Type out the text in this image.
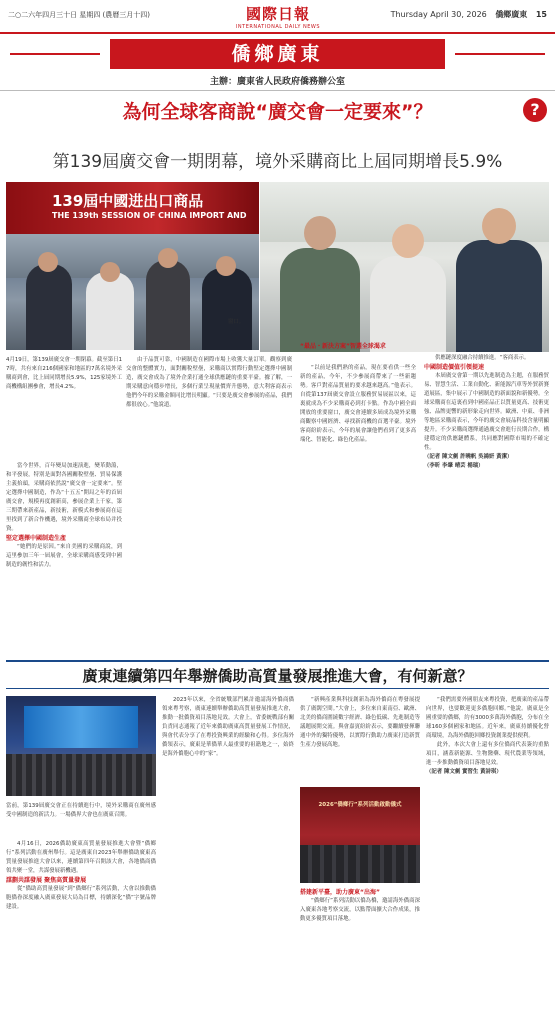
二○二六年四月三十日 星期四 (農曆三月十四)	國際日報
INTERNATIONAL DAILY NEWS
Thursday April 30, 2026 僑鄉廣東 15
僑鄉廣東
主辦：廣東省人民政府僑務辦公室
為何全球客商說“廣交會一定要來”？	?
第139屆廣交會一期閉幕，境外采購商比上屆同期增長5.9%
139屆中國进出口商品
THE 139th SESSION OF CHINA IMPORT AND
窗口。
4月19日，第139屆廣交會一期閉幕。截至第日17時，共有來自216個國家和地區的7萬名境外采購商到會，比上屆同期增長5.9%，125家境外工商機構組團參會，增長4.2%。

當今世界，百年變局加速演進，變革動蕩，和平發展，特別是面對各國關稅壁壘、貿易保護主義抬頭，采購商依然說“廣交會一定要來”。堅定選擇中國制造，作為“十五五”開局之年的首屆廣交會，規模再度創新高，參展企業上千家，第三期帶來新產品，新技術，新模式和參展商在這里找到了新合作機遇，境外采購商全球布局并投資。

堅定選擇中國制造生產

“她們的是原因。”來自美國的采購商說，到這里參加三年一屆展會，全球采購商感受到中國制造的韌性和活力。

由于品質可靠，中國制造在國際市場上收獲大量訂單。觀察到廣交會的整體實力，面對關稅壁壘，采購商以實際行動堅定選擇中國制造，廣交會成為了境外企業打通全球供應鏈的重要平臺。據了解，一期采購意向穩步增長，多個行業呈現量價齊升態勢，意大利客商表示他們今年的采購金額同比增長明顯。“只要是廣交會參展的產品，我們都很放心。”他說道。

“最品・新決方案”智選全球渴求

“以前是我們熟的產品，現在要看供一些全新的產品，今年，不少參展商帶來了一些新趨勢。客戶對產品質量的要求越來越高。”他表示。自從第137屆廣交會設立服務貿易展區以來，這裏就成為不少采購商必到打卡點。作為中國全面開放的重要窗口，廣交會連續多屆成為境外采購商觀察中國經濟、尋找新商機的首選平臺。境外客商紛紛表示，今年的展會讓他們看到了更多高端化、智能化、綠色化產品。

供應鏈深度融合持續推進。“客商表示。

中國制造價值引領提速

本屆廣交會第一期以先進制造為主題，在服務貿易、智慧生活、工業自動化、新能源汽車等外貿新賽道展區，集中展示了中國制造的新面貌和新優勢。全球采購商在這裏看到中國產品正以質量更高、技術更強、品牌更響的新形象走向世界。歐洲、中東、非洲等地區采購商表示，今年的廣交會展品科技含量明顯提升。不少采購商選擇通過廣交會進行長期合作，構建穩定的供應鏈體系，共同應對國際市場的不確定性。

（記者 陳文劍 許曉帆 吳鴻妍 黃潔）
（李昕 李肇 晴芸 楊瑞）
廣東連續第四年舉辦僑助高質量發展推進大會，有何新意？
當前，第139屆廣交會正在持續進行中，境外采購商在廣州感受中國制造的新活力。一場僑界大會也在廣東召開。

4月16日，2026僑助廣東高質量發展推進大會暨“僑鄉行”系列活動在廣州舉行。這是廣東自2023年舉辦僑助廣東高質量發展推進大會以來，連續第四年召開該大會，各地僑商僑領共聚一堂，共謀發展新機遇。

謀劃共謀發展 聚焦高質量發展

從“僑助高質量發展”到“僑鄉行”系列活動，大會以推動僑胞僑眷深度融入廣東發展大局為目標，持續深化“僑”字號品牌建設。

2023年以來，全省統戰部門累計邀請海外僑商僑領來粵考察，廣東連續舉辦僑助高質量發展推進大會，推動一批僑資項目落地見效。大會上，省委統戰部有關負責同志通報了近年來僑助廣東高質量發展工作情況，與會代表分享了在粵投資興業的經驗和心得。多位海外僑領表示，廣東是華僑華人最重要的祖籍地之一，始終是海外僑胞心中的“家”。

“新興產業與科技創新為海外僑商在粵發展提供了廣闊空間。”大會上，多位來自東南亞、歐洲、北美的僑商圍繞數字經濟、綠色低碳、先進制造等議題展開交流。與會嘉賓紛紛表示，要繼續發揮聯通中外的獨特優勢，以實際行動助力廣東打造新質生產力發展高地。

2026“僑鄉行”系列活動啟動儀式
搭建新平臺，助力廣東“出海”

“僑鄉行”系列活動以僑為橋，邀請海外僑商深入廣東各地考察交流，以點帶面擴大合作成果，推動更多優質項目落地。

“我們需要外國朋友來粵投資，把廣東的產品帶向世界，也要歡迎更多僑胞回鄉。”他說。廣東是全國重要的僑鄉，約有3000多萬海外僑胞，分布在全球160多個國家和地區。近年來，廣東持續優化營商環境，為海外僑胞回鄉投資創業提供便利。

此外，本次大會上還有多位僑商代表簽約重點項目，涵蓋新能源、生物醫藥、現代農業等領域，進一步推動僑資項目落地見效。

（記者 陳文劍 實習生 黃詩琪）
